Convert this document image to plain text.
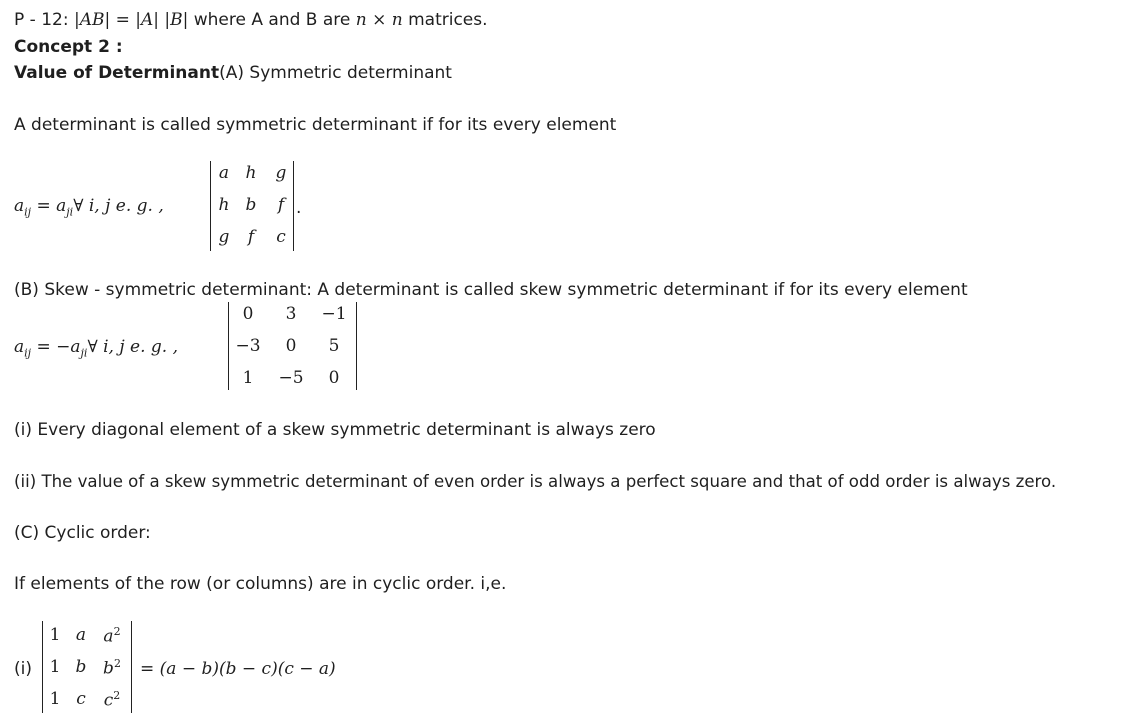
P - 12: |AB| = |A| |B| where A and B are n × n matrices.
Concept 2 :
Value of Determinant(A) Symmetric determinant
A determinant is called symmetric determinant if for its every element
$a_{ij}$ = $a_{ji}\forall$ i, j e. g. ,
a h g
h b	f
g	f	c
.
(B) Skew - symmetric determinant: A determinant is called skew symmetric determinant if for its every element
$a_{ij}$ = $-a_{ji}\forall$ i, j e. g. ,
0	3	−1
−3	0	5
1	−5	0
(i) Every diagonal element of a skew symmetric determinant is always zero
(ii) The value of a skew symmetric determinant of even order is always a perfect square and that of odd order is always zero.
(C) Cyclic order:
If elements of the row (or columns) are in cyclic order. i,e.
(i)
1 a $a^2$
1 b $b^2$
1 c	$c^2$
= (a − b)(b − c)(c − a)
